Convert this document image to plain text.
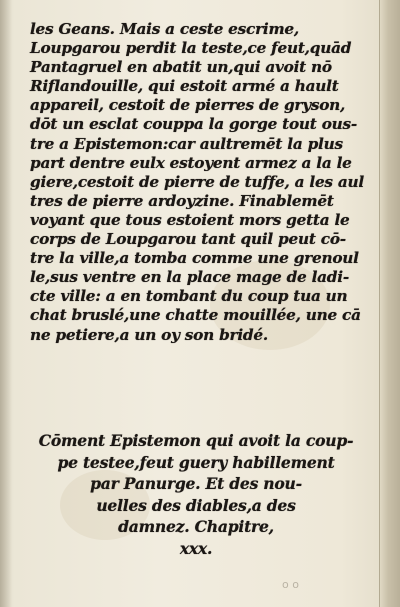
les Geans. Mais a ceste escrime,
Loupgarou perdit la teste,ce feut,quād
Pantagruel en abatit un,qui avoit nō
Riflandouille, qui estoit armé a hault
appareil, cestoit de pierres de gryson,
dōt un esclat couppa la gorge tout ous-
tre a Epistemon:car aultremēt la plus
part dentre eulx estoyent armez a la le
giere,cestoit de pierre de tuffe, a les aul
tres de pierre ardoyzine. Finablemēt
voyant que tous estoient mors getta le
corps de Loupgarou tant quil peut cō-
tre la ville,a tomba comme une grenoul
le,sus ventre en la place mage de ladi-
cte ville: a en tombant du coup tua un
chat bruslé,une chatte mouillée, une cā
ne petiere,a un oy son bridé.
Cōment Epistemon qui avoit la coup-
pe testee,feut guery habillement
par Panurge. Et des nou-
uelles des diables,a des
damnez. Chapitre,
xxx.
o o
